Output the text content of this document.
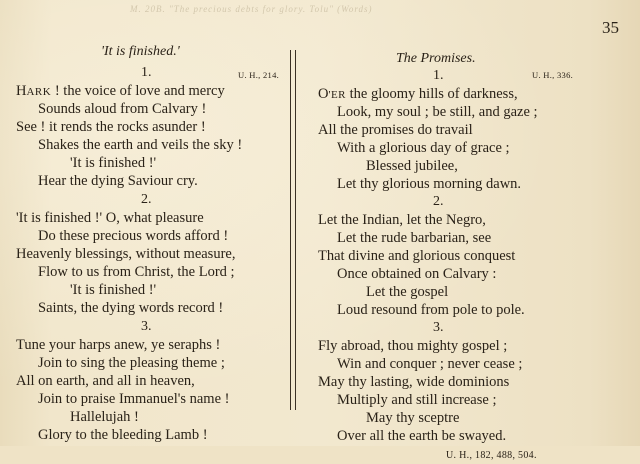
M. 20B. "The precious debts for glory. Tolu" (Words)
35
'It is finished.'
U. H., 214.
1.
HARK ! the voice of love and mercy
Sounds aloud from Calvary !
See ! it rends the rocks asunder !
Shakes the earth and veils the sky !
'It is finished !'
Hear the dying Saviour cry.
2.
'It is finished !' O, what pleasure
Do these precious words afford !
Heavenly blessings, without measure,
Flow to us from Christ, the Lord ;
'It is finished !'
Saints, the dying words record !
3.
Tune your harps anew, ye seraphs !
Join to sing the pleasing theme ;
All on earth, and all in heaven,
Join to praise Immanuel's name !
Hallelujah !
Glory to the bleeding Lamb !
The Promises.
U. H., 336.
1.
O'ER the gloomy hills of darkness,
Look, my soul ; be still, and gaze ;
All the promises do travail
With a glorious day of grace ;
Blessed jubilee,
Let thy glorious morning dawn.
2.
Let the Indian, let the Negro,
Let the rude barbarian, see
That divine and glorious conquest
Once obtained on Calvary :
Let the gospel
Loud resound from pole to pole.
3.
Fly abroad, thou mighty gospel ;
Win and conquer ; never cease ;
May thy lasting, wide dominions
Multiply and still increase ;
May thy sceptre
Over all the earth be swayed.
U. H., 182, 488, 504.
